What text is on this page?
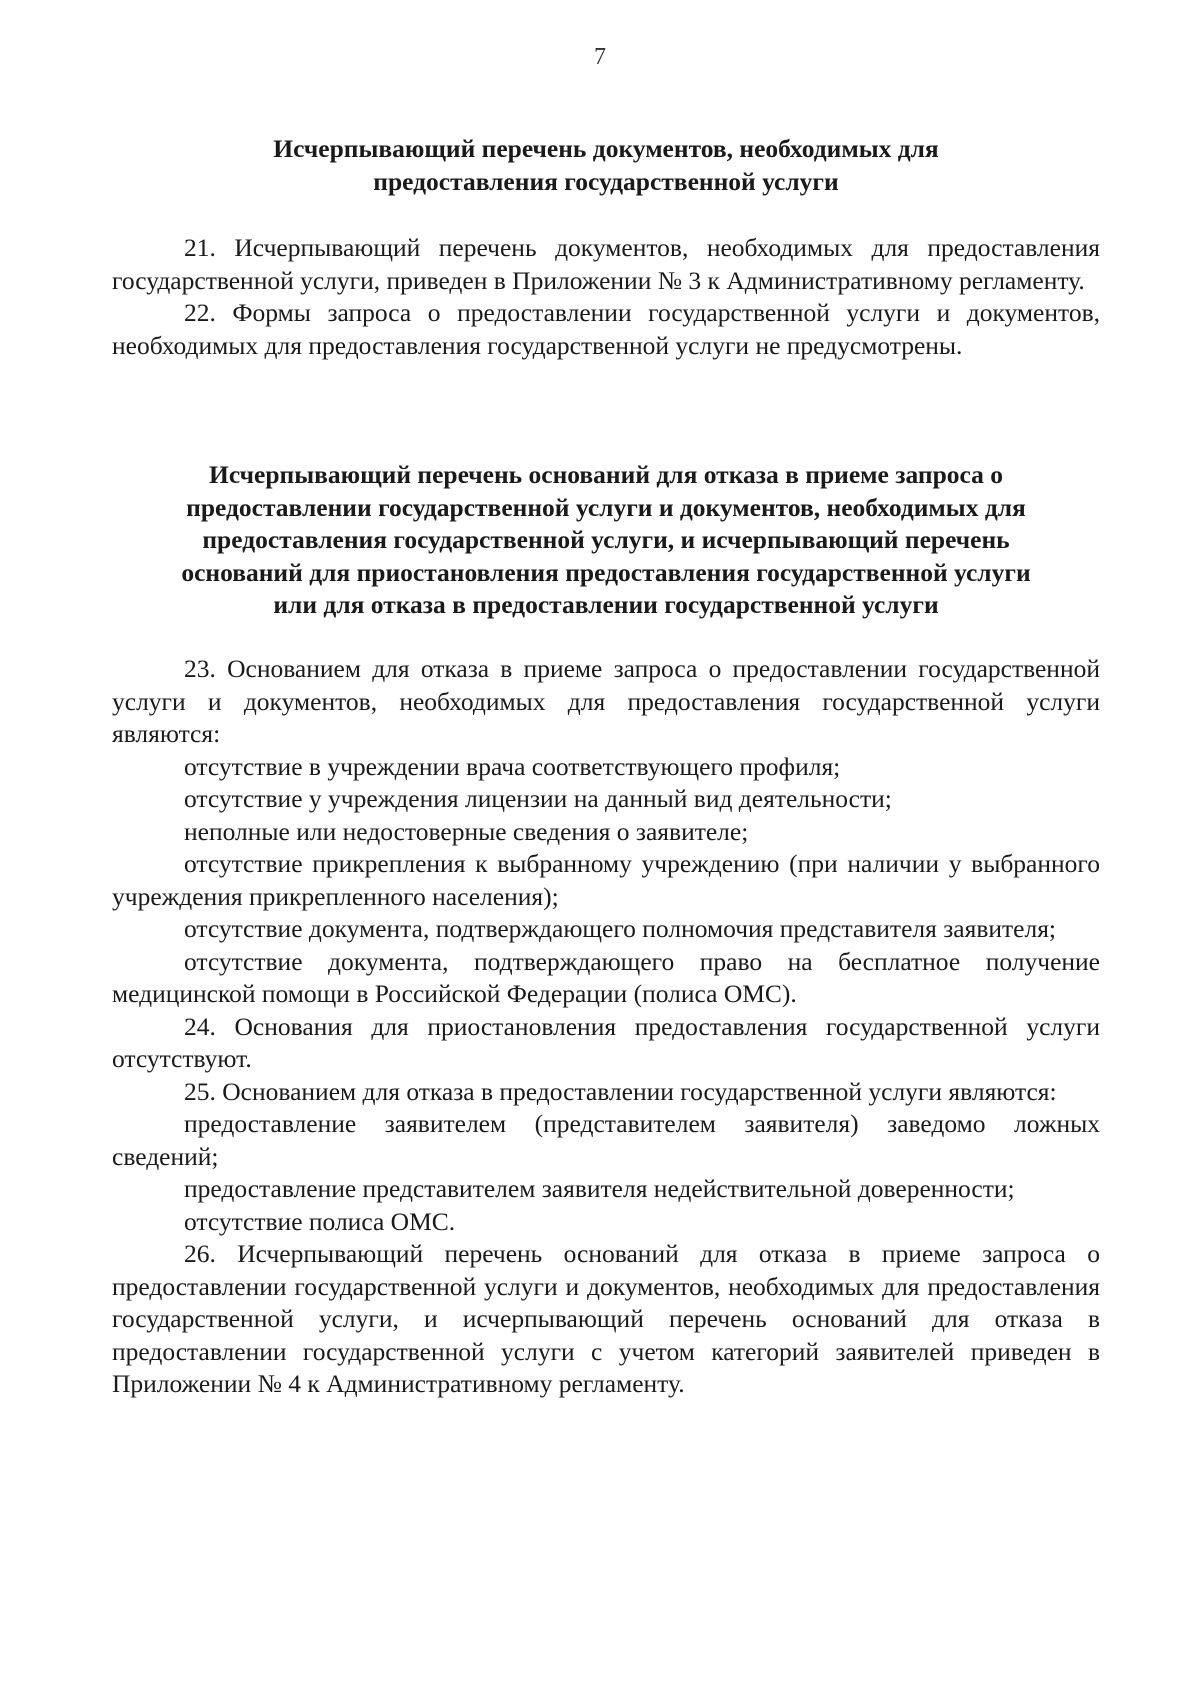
7
Исчерпывающий перечень документов, необходимых для
предоставления государственной услуги

21. Исчерпывающий перечень документов, необходимых для предоставления государственной услуги, приведен в Приложении № 3 к Административному регламенту.

22. Формы запроса о предоставлении государственной услуги и документов, необходимых для предоставления государственной услуги не предусмотрены.

Исчерпывающий перечень оснований для отказа в приеме запроса о
предоставлении государственной услуги и документов, необходимых для
предоставления государственной услуги, и исчерпывающий перечень
оснований для приостановления предоставления государственной услуги
или для отказа в предоставлении государственной услуги

23. Основанием для отказа в приеме запроса о предоставлении государственной услуги и документов, необходимых для предоставления государственной услуги являются:

отсутствие в учреждении врача соответствующего профиля;

отсутствие у учреждения лицензии на данный вид деятельности;

неполные или недостоверные сведения о заявителе;

отсутствие прикрепления к выбранному учреждению (при наличии у выбранного учреждения прикрепленного населения);

отсутствие документа, подтверждающего полномочия представителя заявителя;

отсутствие документа, подтверждающего право на бесплатное получение медицинской помощи в Российской Федерации (полиса ОМС).

24. Основания для приостановления предоставления государственной услуги отсутствуют.

25. Основанием для отказа в предоставлении государственной услуги являются:

предоставление заявителем (представителем заявителя) заведомо ложных сведений;

предоставление представителем заявителя недействительной доверенности;

отсутствие полиса ОМС.

26. Исчерпывающий перечень оснований для отказа в приеме запроса о предоставлении государственной услуги и документов, необходимых для предоставления государственной услуги, и исчерпывающий перечень оснований для отказа в предоставлении государственной услуги с учетом категорий заявителей приведен в Приложении № 4 к Административному регламенту.
